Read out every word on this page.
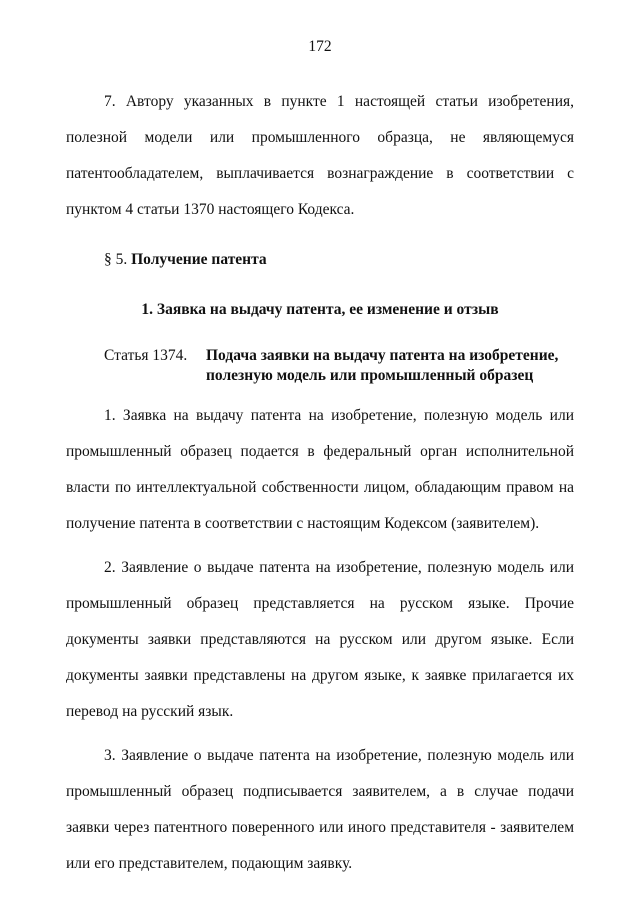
172

7. Автору указанных в пункте 1 настоящей статьи изобретения, полезной модели или промышленного образца, не являющемуся патентообладателем, выплачивается вознаграждение в соответствии с пунктом 4 статьи 1370 настоящего Кодекса.

§ 5. Получение патента

1. Заявка на выдачу патента, ее изменение и отзыв

Статья 1374.	Подача заявки на выдачу патента на изобретение,
полезную модель или промышленный образец

1. Заявка на выдачу патента на изобретение, полезную модель или промышленный образец подается в федеральный орган исполнительной власти по интеллектуальной собственности лицом, обладающим правом на получение патента в соответствии с настоящим Кодексом (заявителем).

2. Заявление о выдаче патента на изобретение, полезную модель или промышленный образец представляется на русском языке. Прочие документы заявки представляются на русском или другом языке. Если документы заявки представлены на другом языке, к заявке прилагается их перевод на русский язык.

3. Заявление о выдаче патента на изобретение, полезную модель или промышленный образец подписывается заявителем, а в случае подачи заявки через патентного поверенного или иного представителя - заявителем или его представителем, подающим заявку.
